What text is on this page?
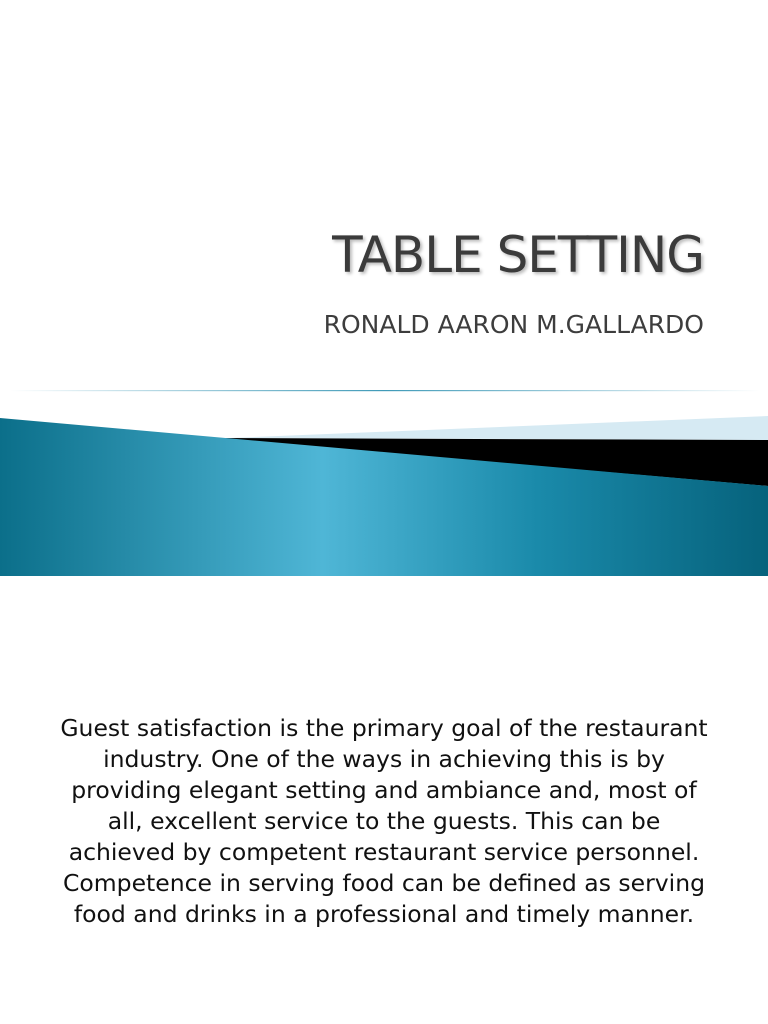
TABLE SETTING

RONALD AARON M.GALLARDO

Guest satisfaction is the primary goal of the restaurant industry. One of the ways in achieving this is by providing elegant setting and ambiance and, most of all, excellent service to the guests. This can be achieved by competent restaurant service personnel. Competence in serving food can be defined as serving food and drinks in a professional and timely manner.
